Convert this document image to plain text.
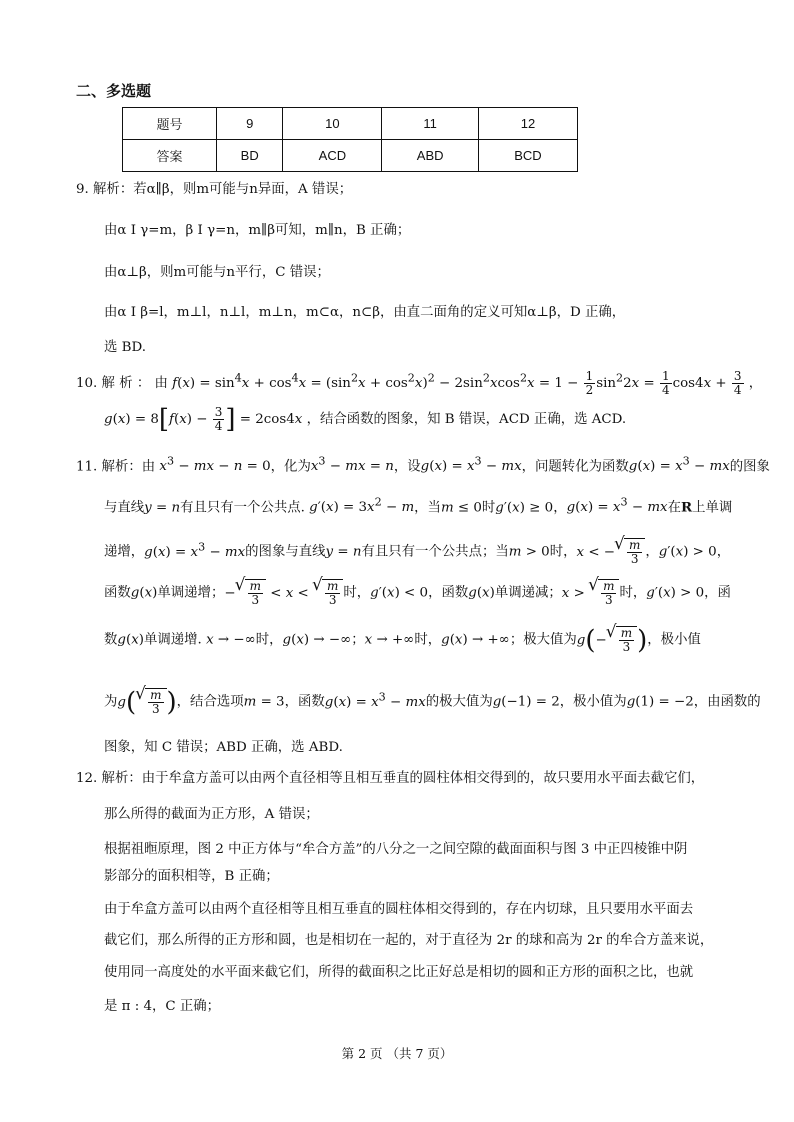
二、多选题
题号	9	10	11	12
答案	BD	ACD	ABD	BCD
9. 解析：若α∥β，则m可能与n异面，A 错误；
由α I γ=m，β I γ=n，m∥β可知，m∥n，B 正确；
由α⊥β，则m可能与n平行，C 错误；
由α I β=l，m⊥l，n⊥l，m⊥n，m⊂α，n⊂β，由直二面角的定义可知α⊥β，D 正确，
选 BD.
10. 解 析 ： 由 $f(x) = \sin^4x + \cos^4x = (\sin^2x + \cos^2x)^2 - 2\sin^2xcos^2x = 1 - \frac{1}{2} \sin^22x = \frac{1}{4} \cos 4x + \frac{3}{4}$ ，
$g(x) = 8[f(x) - \frac{3}{4}$ ] = 2cos4x ，结合函数的图象，知 B 错误，ACD 正确，选 ACD.
11. 解析：由 $x^3$ − mx − n = 0，化为$x^3$ − mx = n，设$g(x) = x^3$ − mx，问题转化为函数$g(x) = x^3$ − mx的图象
与直线y = n有且只有一个公共点. $g'(x) = 3x^2 - m$，当m ≤ 0时g′(x) ≥ 0，$g(x) = x^3$ − mx在R上单调
递增，$g(x) = x^3$ − mx的图象与直线y = n有且只有一个公共点；当m > 0时，x < − √ $\frac{m}{3}$ ，g′(x) > 0，
函数g(x)单调递增；− √ $\frac{m}{3} < x$ < √ $\frac{m}{3}$ 时，g′(x) < 0，函数g(x)单调递减；x > √ $\frac{m}{3}$ 时，g′(x) > 0，函
数g(x)单调递增. x → −∞时，g(x) → −∞；x → +∞时，g(x) → +∞；极大值为g(− √ $\frac{m}{3}$ )，极小值
为g( √ $\frac{m}{3}$ )，结合选项m = 3，函数$g(x) = x^3$ − mx的极大值为g(−1) = 2，极小值为g(1) = −2，由函数的
图象，知 C 错误；ABD 正确，选 ABD.
12. 解析：由于牟盒方盖可以由两个直径相等且相互垂直的圆柱体相交得到的，故只要用水平面去截它们，
那么所得的截面为正方形，A 错误；
根据祖暅原理，图 2 中正方体与“牟合方盖”的八分之一之间空隙的截面面积与图 3 中正四棱锥中阴
影部分的面积相等，B 正确；
由于牟盒方盖可以由两个直径相等且相互垂直的圆柱体相交得到的，存在内切球，且只要用水平面去
截它们，那么所得的正方形和圆，也是相切在一起的，对于直径为 2r 的球和高为 2r 的牟合方盖来说，
使用同一高度处的水平面来截它们，所得的截面积之比正好总是相切的圆和正方形的面积之比，也就
是 π : 4，C 正确；
第 2 页 （共 7 页）
